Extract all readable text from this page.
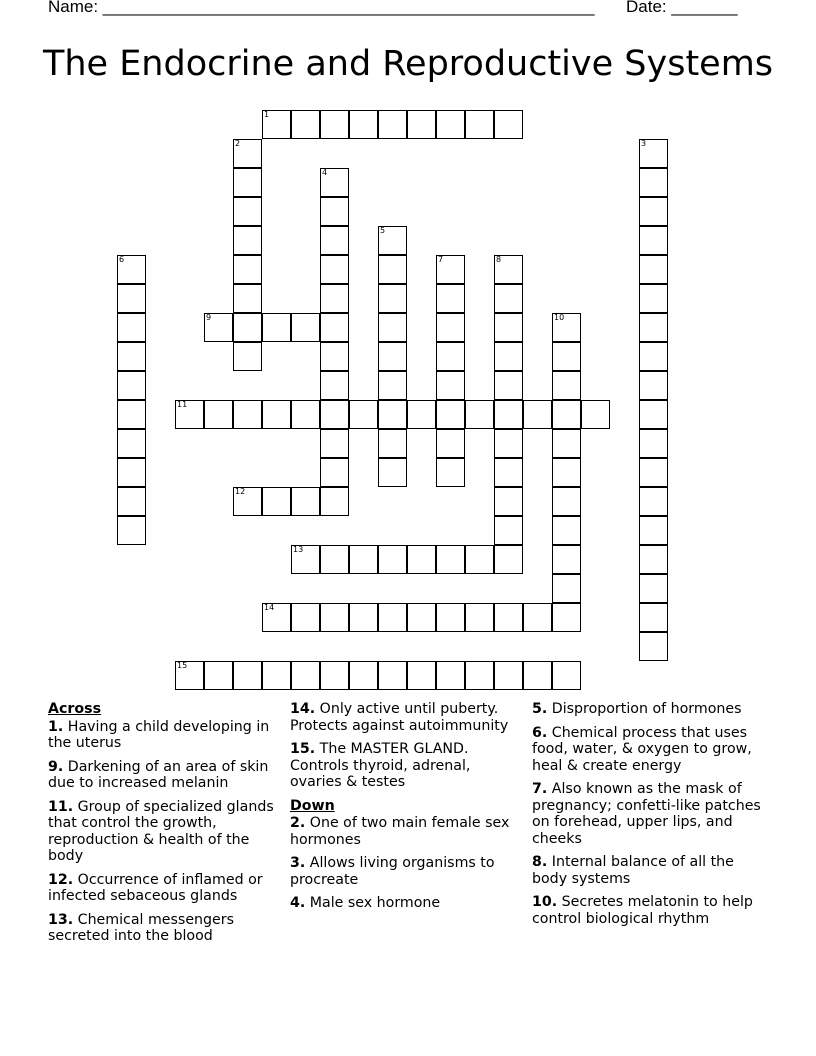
Name: ____________________________________________________ Date: _______
The Endocrine and Reproductive Systems
1
9
11
12
13
14
15
2	3
4
5
6	7	8
10
Across
1. Having a child developing in the uterus
9. Darkening of an area of skin due to increased melanin
11. Group of specialized glands that control the growth, reproduction & health of the body
12. Occurrence of inflamed or infected sebaceous glands
13. Chemical messengers secreted into the blood
14. Only active until puberty. Protects against autoimmunity
15. The MASTER GLAND. Controls thyroid, adrenal, ovaries & testes
Down
2. One of two main female sex hormones
3. Allows living organisms to procreate
4. Male sex hormone
5. Disproportion of hormones
6. Chemical process that uses food, water, & oxygen to grow, heal & create energy
7. Also known as the mask of pregnancy; confetti-like patches on forehead, upper lips, and cheeks
8. Internal balance of all the body systems
10. Secretes melatonin to help control biological rhythm
